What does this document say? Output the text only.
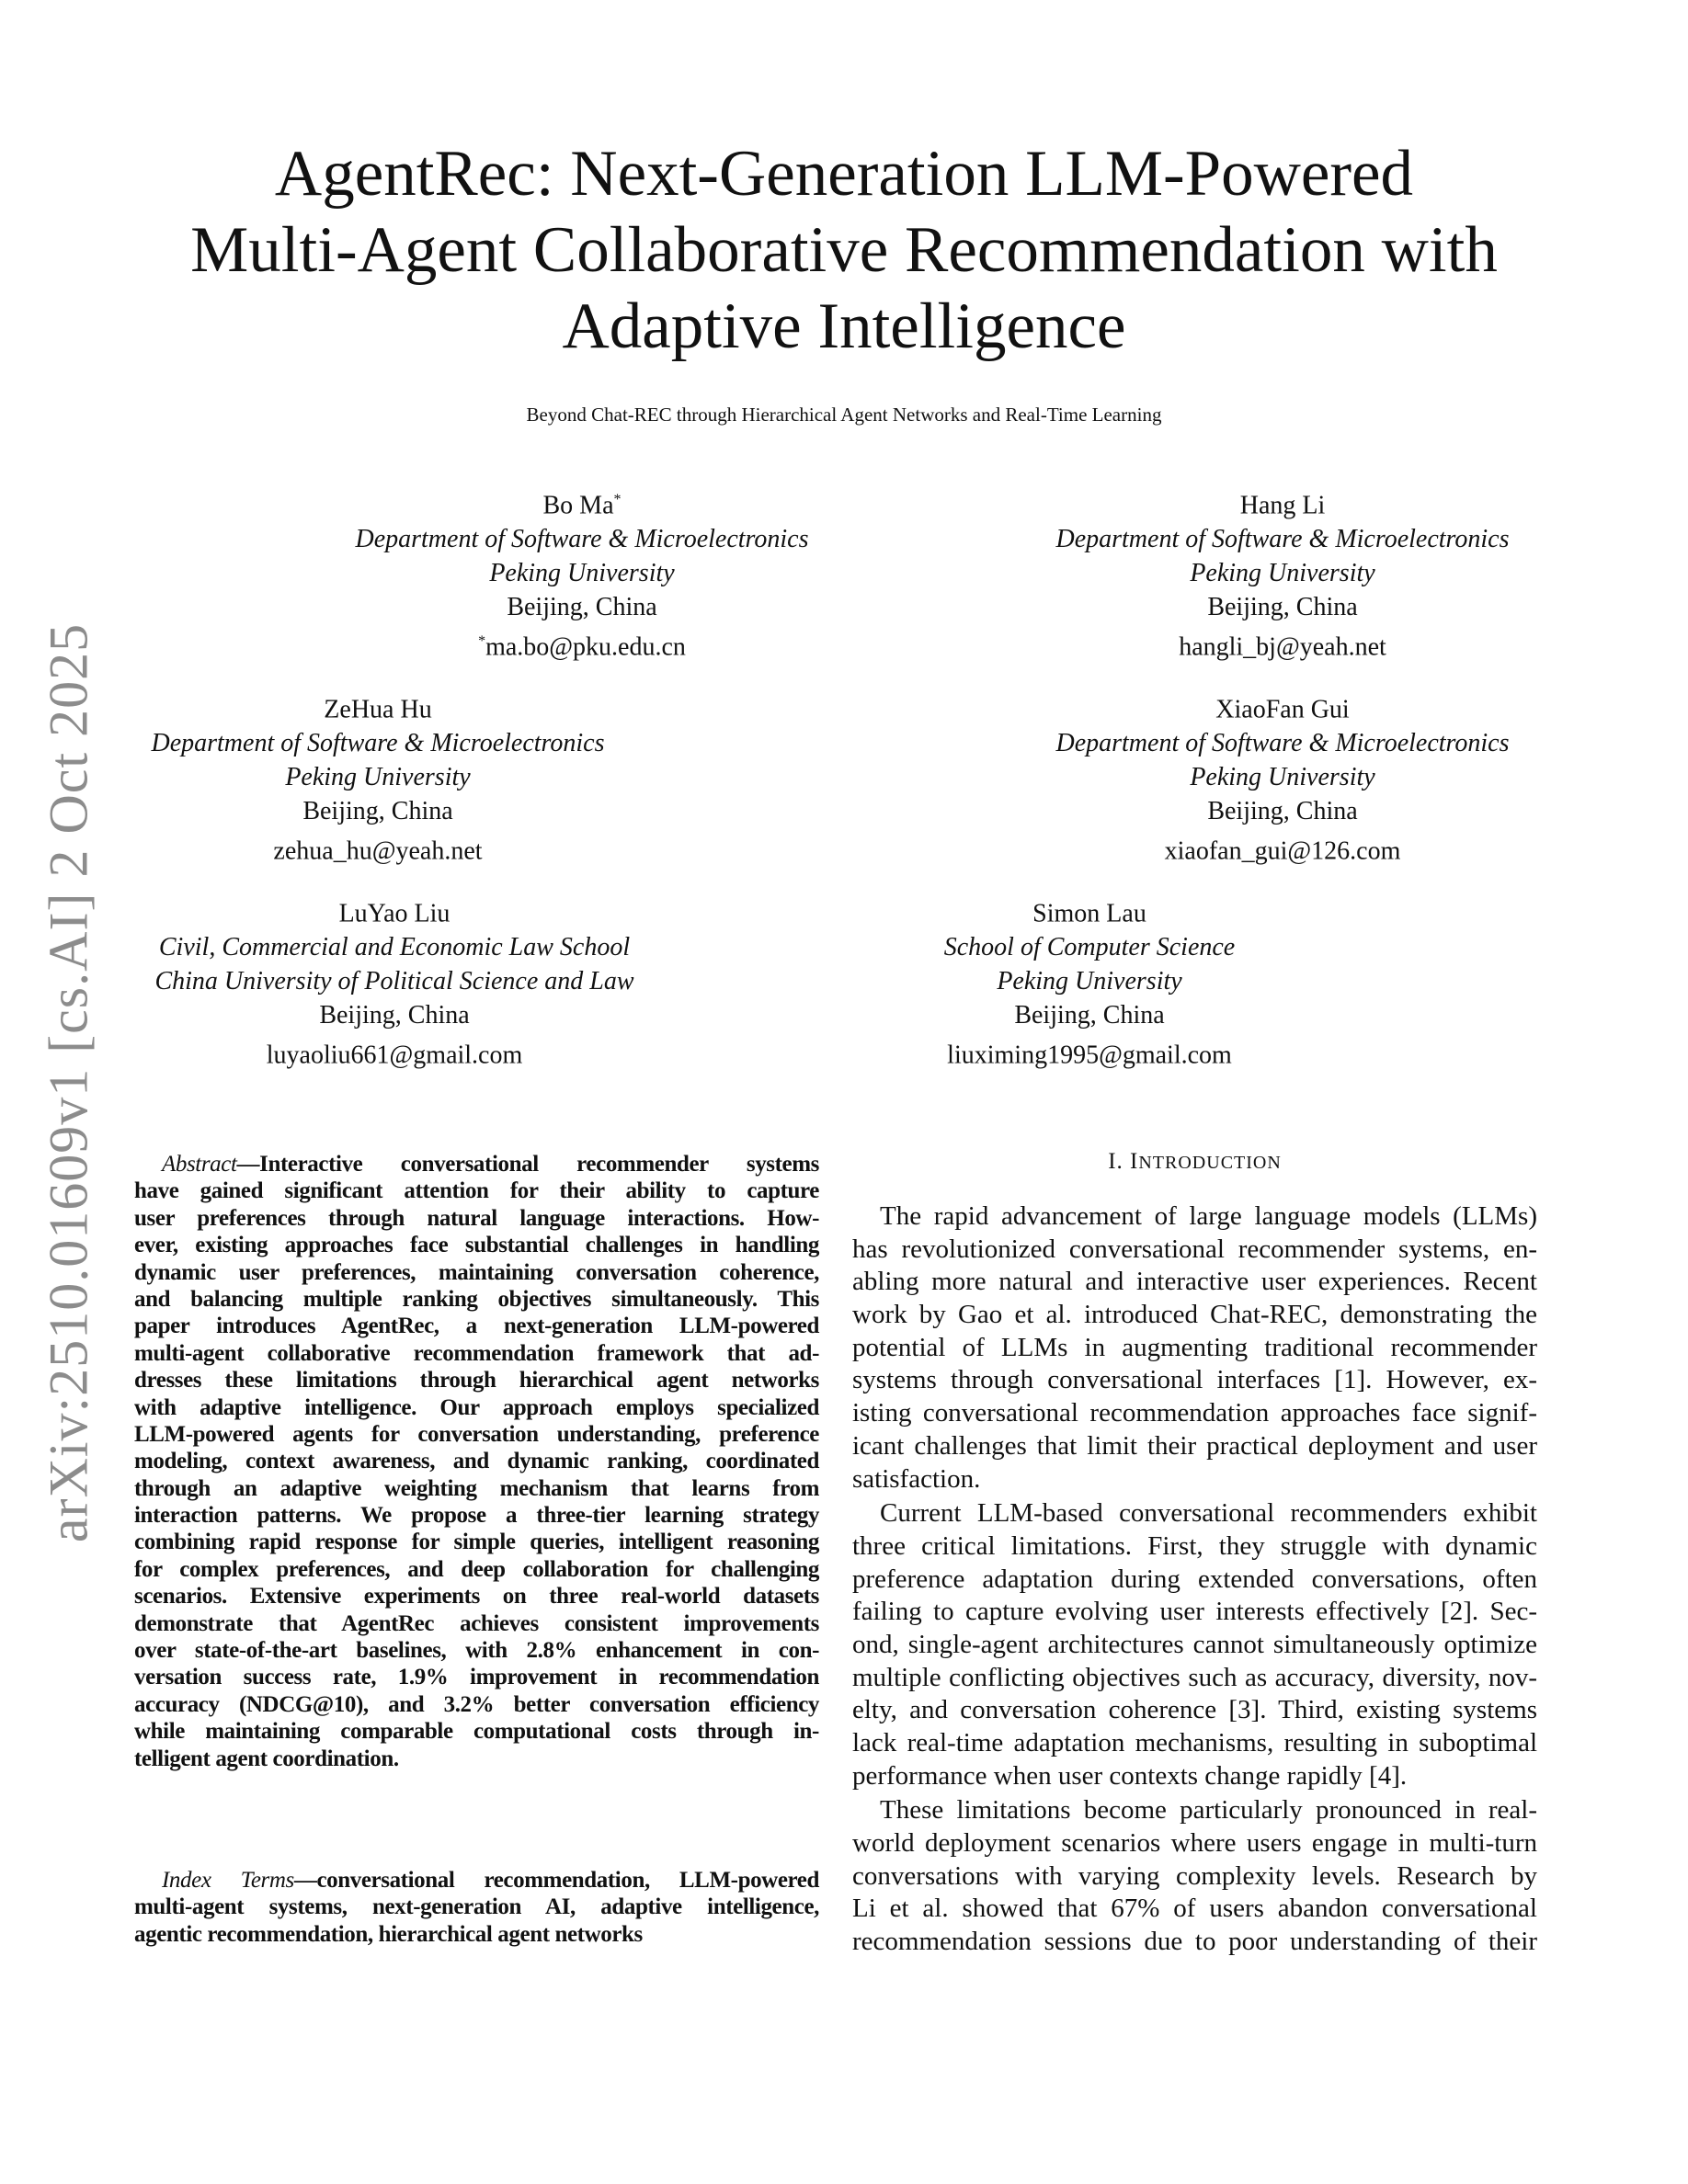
arXiv:2510.01609v1 [cs.AI] 2 Oct 2025
AgentRec: Next-Generation LLM-Powered
Multi-Agent Collaborative Recommendation with
Adaptive Intelligence
Beyond Chat-REC through Hierarchical Agent Networks and Real-Time Learning
Bo Ma*
Department of Software & Microelectronics
Peking University
Beijing, China
*ma.bo@pku.edu.cn
Hang Li
Department of Software & Microelectronics
Peking University
Beijing, China
hangli_bj@yeah.net
ZeHua Hu
Department of Software & Microelectronics
Peking University
Beijing, China
zehua_hu@yeah.net
XiaoFan Gui
Department of Software & Microelectronics
Peking University
Beijing, China
xiaofan_gui@126.com
LuYao Liu
Civil, Commercial and Economic Law School
China University of Political Science and Law
Beijing, China
luyaoliu661@gmail.com
Simon Lau
School of Computer Science
Peking University
Beijing, China
liuximing1995@gmail.com
Abstract—Interactive conversational recommender systems
have gained significant attention for their ability to capture
user preferences through natural language interactions. How-
ever, existing approaches face substantial challenges in handling
dynamic user preferences, maintaining conversation coherence,
and balancing multiple ranking objectives simultaneously. This
paper introduces AgentRec, a next-generation LLM-powered
multi-agent collaborative recommendation framework that ad-
dresses these limitations through hierarchical agent networks
with adaptive intelligence. Our approach employs specialized
LLM-powered agents for conversation understanding, preference
modeling, context awareness, and dynamic ranking, coordinated
through an adaptive weighting mechanism that learns from
interaction patterns. We propose a three-tier learning strategy
combining rapid response for simple queries, intelligent reasoning
for complex preferences, and deep collaboration for challenging
scenarios. Extensive experiments on three real-world datasets
demonstrate that AgentRec achieves consistent improvements
over state-of-the-art baselines, with 2.8% enhancement in con-
versation success rate, 1.9% improvement in recommendation
accuracy (NDCG@10), and 3.2% better conversation efficiency
while maintaining comparable computational costs through in-
telligent agent coordination.
Index Terms—conversational recommendation, LLM-powered
multi-agent systems, next-generation AI, adaptive intelligence,
agentic recommendation, hierarchical agent networks
I. INTRODUCTION
The rapid advancement of large language models (LLMs)
has revolutionized conversational recommender systems, en-
abling more natural and interactive user experiences. Recent
work by Gao et al. introduced Chat-REC, demonstrating the
potential of LLMs in augmenting traditional recommender
systems through conversational interfaces [1]. However, ex-
isting conversational recommendation approaches face signif-
icant challenges that limit their practical deployment and user
satisfaction.
Current LLM-based conversational recommenders exhibit
three critical limitations. First, they struggle with dynamic
preference adaptation during extended conversations, often
failing to capture evolving user interests effectively [2]. Sec-
ond, single-agent architectures cannot simultaneously optimize
multiple conflicting objectives such as accuracy, diversity, nov-
elty, and conversation coherence [3]. Third, existing systems
lack real-time adaptation mechanisms, resulting in suboptimal
performance when user contexts change rapidly [4].
These limitations become particularly pronounced in real-
world deployment scenarios where users engage in multi-turn
conversations with varying complexity levels. Research by
Li et al. showed that 67% of users abandon conversational
recommendation sessions due to poor understanding of their
